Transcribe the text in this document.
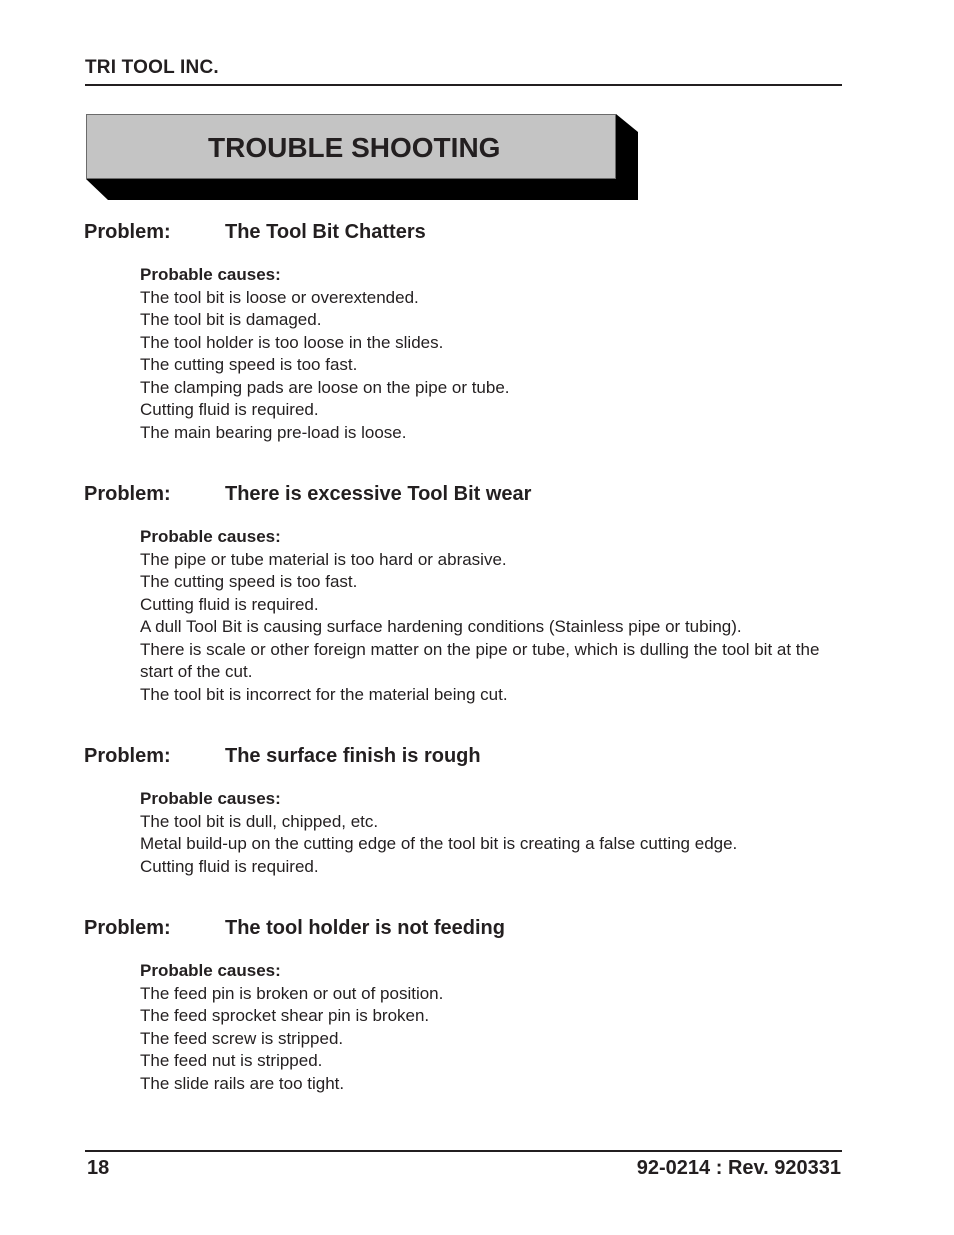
TRI TOOL INC.
TROUBLE SHOOTING
Problem:	The Tool Bit Chatters
Probable causes:
The tool bit is loose or overextended.
The tool bit is damaged.
The tool holder is too loose in the slides.
The cutting speed is too fast.
The clamping pads are loose on the pipe or tube.
Cutting fluid is required.
The main bearing pre-load is loose.
Problem:	There is excessive Tool Bit wear
Probable causes:
The pipe or tube material is too hard or abrasive.
The cutting speed is too fast.
Cutting fluid is required.
A dull Tool Bit is causing surface hardening conditions (Stainless pipe or tubing).
There is scale or other foreign matter on the pipe or tube, which is dulling the tool bit at the start of the cut.
The tool bit is incorrect for the material being cut.
Problem:	The surface finish is rough
Probable causes:
The tool bit is dull, chipped, etc.
Metal build-up on the cutting edge of the tool bit is creating a false cutting edge.
Cutting fluid is required.
Problem:	The tool holder is not feeding
Probable causes:
The feed pin is broken or out of position.
The feed sprocket shear pin is broken.
The feed screw is stripped.
The feed nut is stripped.
The slide rails are too tight.
18	92-0214 : Rev. 920331
